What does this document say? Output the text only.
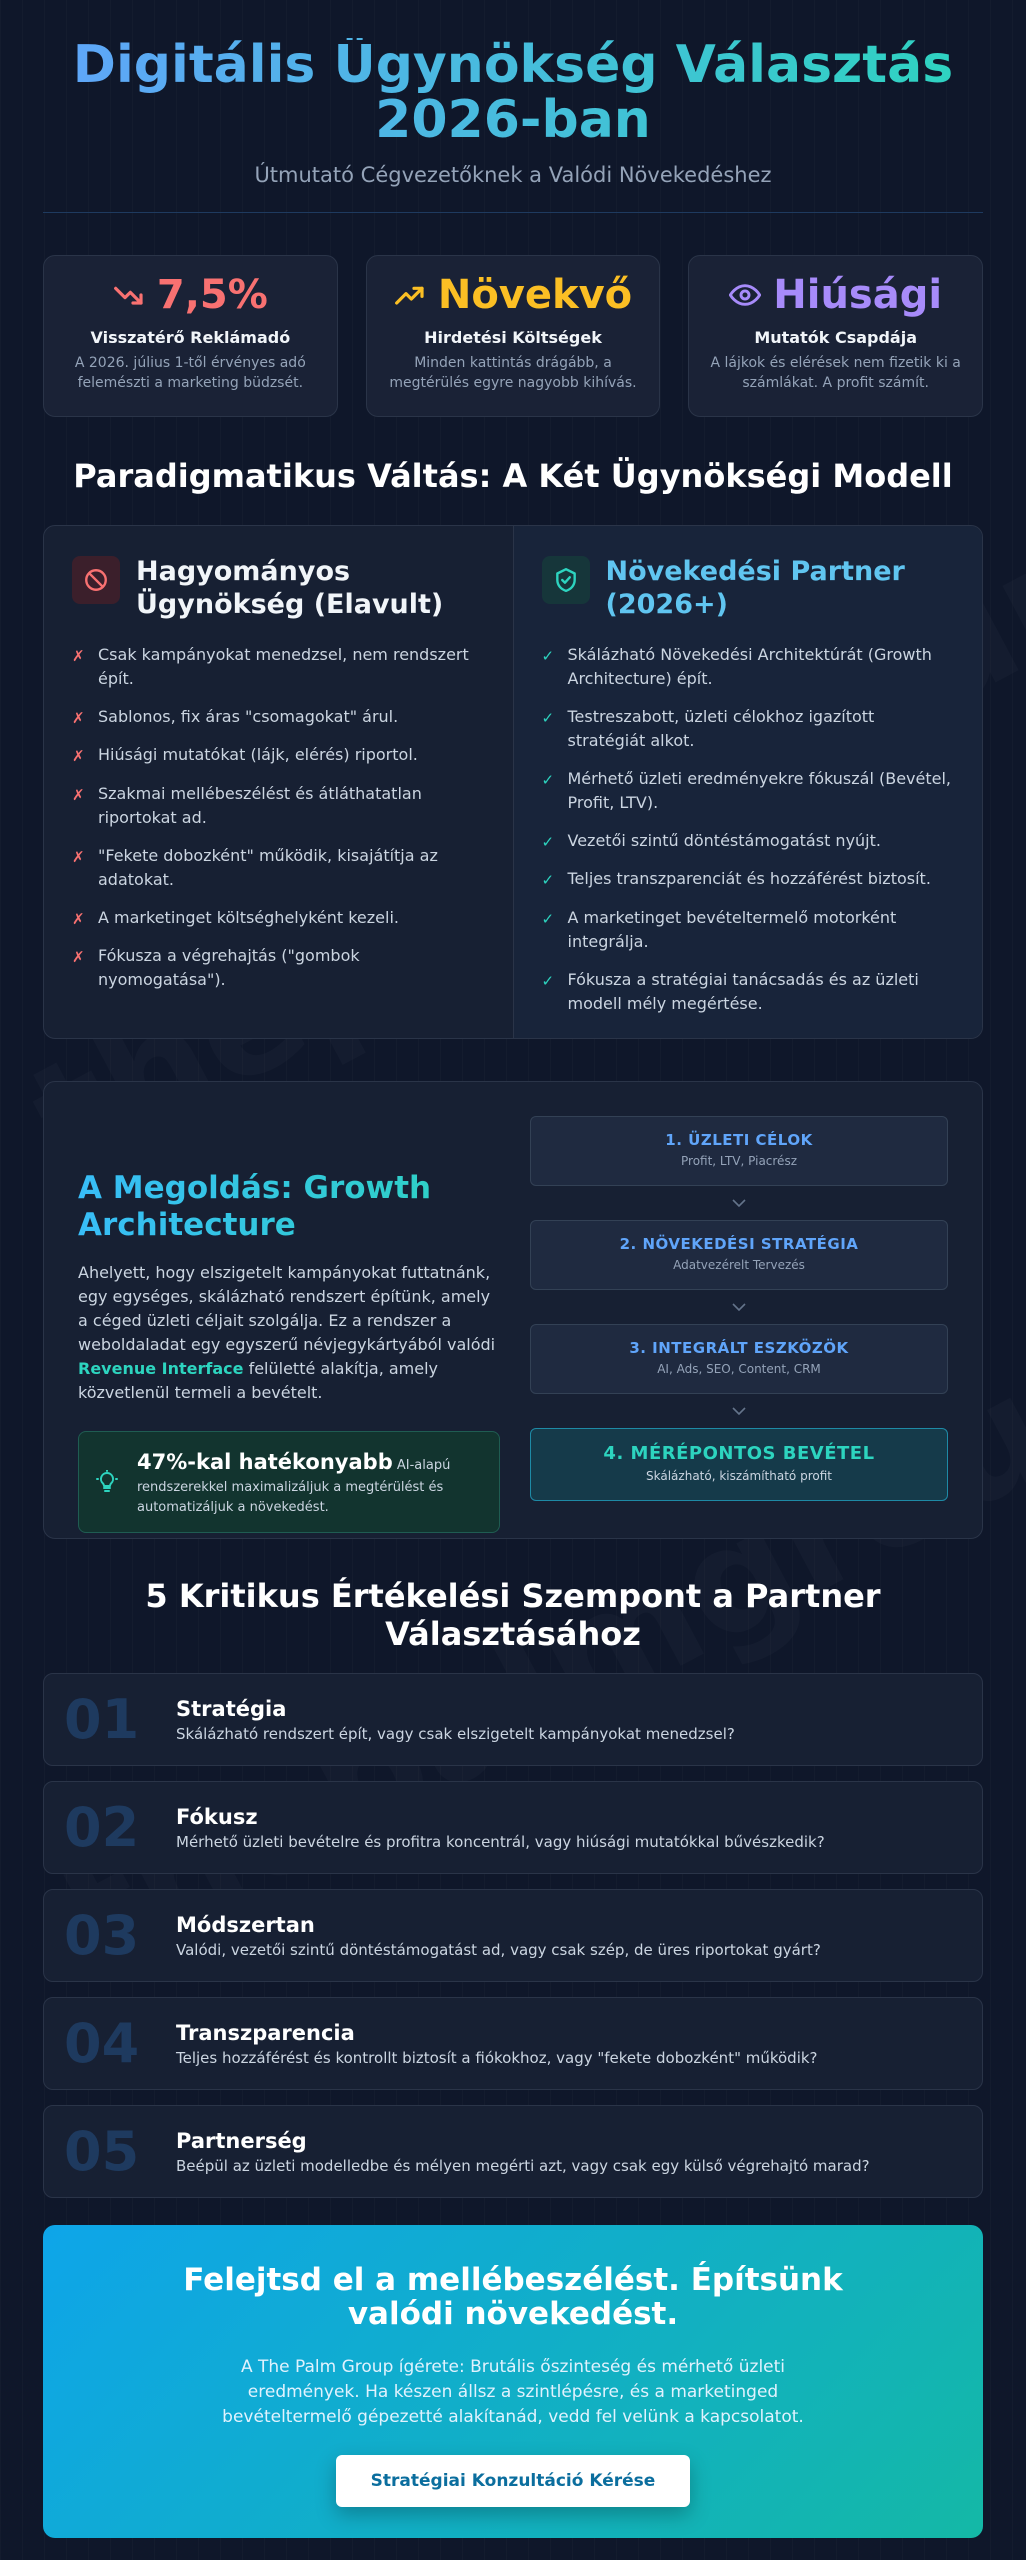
Digitális Ügynökség Választás
2026-ban

Útmutató Cégvezetőknek a Valódi Növekedéshez

7,5%
Visszatérő Reklámadó
A 2026. július 1-től érvényes adó felemészti a marketing büdzsét.
Növekvő
Hirdetési Költségek
Minden kattintás drágább, a megtérülés egyre nagyobb kihívás.
Hiúsági
Mutatók Csapdája
A lájkok és elérések nem fizetik ki a számlákat. A profit számít.
Paradigmatikus Váltás: A Két Ügynökségi Modell
Hagyományos Ügynökség (Elavult)
✗ Csak kampányokat menedzsel, nem rendszert épít.
✗ Sablonos, fix áras "csomagokat" árul.
✗ Hiúsági mutatókat (lájk, elérés) riportol.
✗ Szakmai mellébeszélést és átláthatatlan riportokat ad.
✗ "Fekete dobozként" működik, kisajátítja az adatokat.
✗ A marketinget költséghelyként kezeli.
✗ Fókusza a végrehajtás ("gombok nyomogatása").
Növekedési Partner (2026+)
✓ Skálázható Növekedési Architektúrát (Growth Architecture) épít.
✓ Testreszabott, üzleti célokhoz igazított stratégiát alkot.
✓ Mérhető üzleti eredményekre fókuszál (Bevétel, Profit, LTV).
✓ Vezetői szintű döntéstámogatást nyújt.
✓ Teljes transzparenciát és hozzáférést biztosít.
✓ A marketinget bevételtermelő motorként integrálja.
✓ Fókusza a stratégiai tanácsadás és az üzleti modell mély megértése.
A Megoldás: Growth Architecture

Ahelyett, hogy elszigetelt kampányokat futtatnánk, egy egységes, skálázható rendszert építünk, amely a céged üzleti céljait szolgálja. Ez a rendszer a weboldaladat egy egyszerű névjegykártyából valódi Revenue Interface felületté alakítja, amely közvetlenül termeli a bevételt.

47%-kal hatékonyabb AI-alapú rendszerekkel maximalizáljuk a megtérülést és automatizáljuk a növekedést.
1. ÜZLETI CÉLOK
Profit, LTV, Piacrész
2. NÖVEKEDÉSI STRATÉGIA
Adatvezérelt Tervezés
3. INTEGRÁLT ESZKÖZÖK
AI, Ads, SEO, Content, CRM
4. MÉRÉPONTOS BEVÉTEL
Skálázható, kiszámítható profit
5 Kritikus Értékelési Szempont a Partner Választásához
01	Stratégia
Skálázható rendszert épít, vagy csak elszigetelt kampányokat menedzsel?
02	Fókusz
Mérhető üzleti bevételre és profitra koncentrál, vagy hiúsági mutatókkal bűvészkedik?
03	Módszertan
Valódi, vezetői szintű döntéstámogatást ad, vagy csak szép, de üres riportokat gyárt?
04	Transzparencia
Teljes hozzáférést és kontrollt biztosít a fiókokhoz, vagy "fekete dobozként" működik?
05	Partnerség
Beépül az üzleti modelledbe és mélyen megérti azt, vagy csak egy külső végrehajtó marad?
Felejtsd el a mellébeszélést. Építsünk valódi növekedést.

A The Palm Group ígérete: Brutális őszinteség és mérhető üzleti eredmények. Ha készen állsz a szintlépésre, és a marketinged bevételtermelő gépezetté alakítanád, vedd fel velünk a kapcsolatot.

Stratégiai Konzultáció Kérése
